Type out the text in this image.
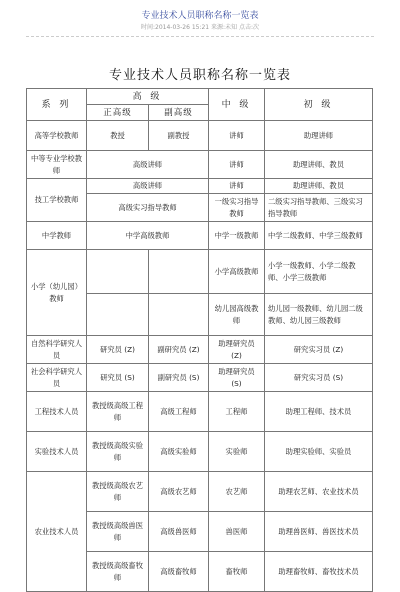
专业技术人员职称名称一览表
时间:2014-03-26 15:21 来源:未知 点击:次
专业技术人员职称名称一览表
系 列	高 级		中 级	初 级
	正高级	副高级		
高等学校教师	教授	副教授	讲师	助理讲师
中等专业学校教师	高级讲师		讲师	助理讲师、教员
技工学校教师	高级讲师		讲师	助理讲师、教员
	高级实习指导教师		一级实习指导教师	二级实习指导教师、三级实习指导教师
中学教师	中学高级教师		中学一级教师	中学二级教师、中学三级教师
小学（幼儿园）教师			小学高级教师	小学一级教师、小学二级教师、小学三级教师
			幼儿园高级教师	幼儿园一级教师、幼儿园二级教师、幼儿园三级教师
自然科学研究人员	研究员 (Z)	副研究员 (Z)	助理研究员 (Z)	研究实习员 (Z)
社会科学研究人员	研究员 (S)	副研究员 (S)	助理研究员 (S)	研究实习员 (S)
工程技术人员	教授级高级工程师	高级工程师	工程师	助理工程师、技术员
实验技术人员	教授级高级实验师	高级实验师	实验师	助理实验师、实验员
农业技术人员	教授级高级农艺师	高级农艺师	农艺师	助理农艺师、农业技术员
	教授级高级兽医师	高级兽医师	兽医师	助理兽医师、兽医技术员
	教授级高级畜牧师	高级畜牧师	畜牧师	助理畜牧师、畜牧技术员
